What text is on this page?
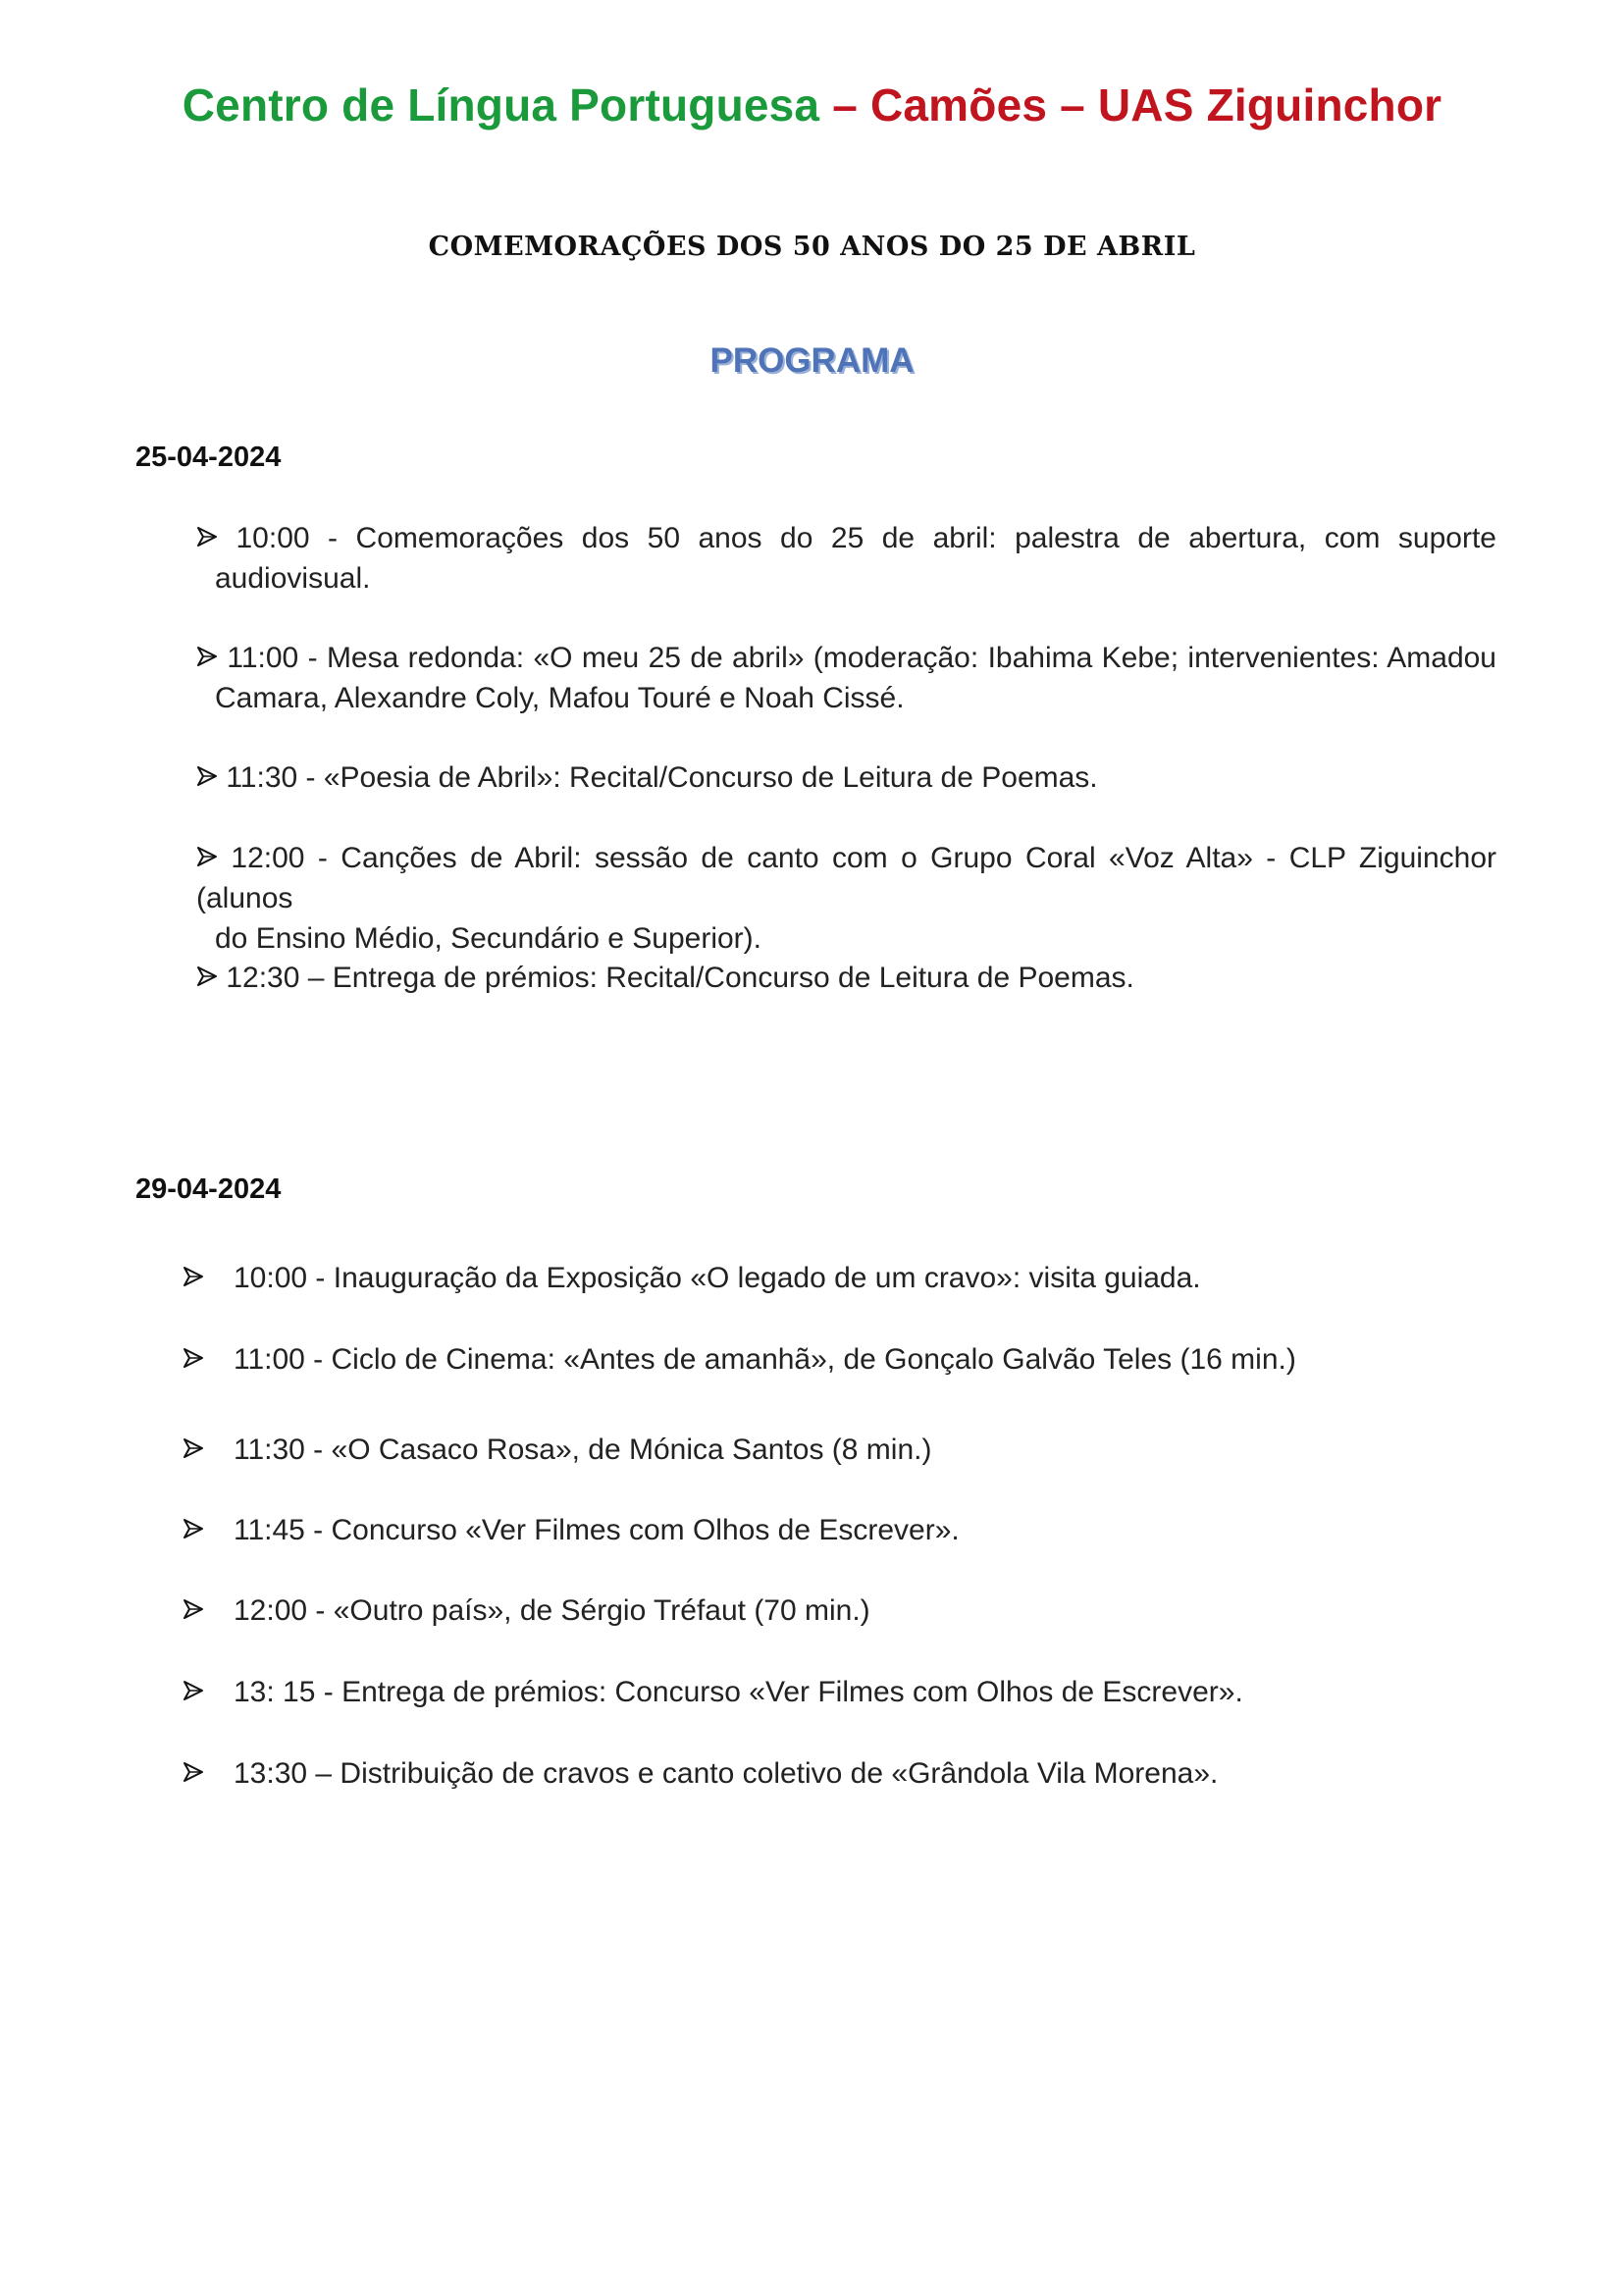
Centro de Língua Portuguesa – Camões – UAS Ziguinchor
COMEMORAÇÕES DOS 50 ANOS DO 25 DE ABRIL
PROGRAMA
25-04-2024
10:00 - Comemorações dos 50 anos do 25 de abril: palestra de abertura, com suporte
audiovisual.
11:00 - Mesa redonda: «O meu 25 de abril» (moderação: Ibahima Kebe; intervenientes: Amadou
Camara, Alexandre Coly, Mafou Touré e Noah Cissé.
11:30 - «Poesia de Abril»: Recital/Concurso de Leitura de Poemas.
12:00 - Canções de Abril: sessão de canto com o Grupo Coral «Voz Alta» - CLP Ziguinchor (alunos
do Ensino Médio, Secundário e Superior).
12:30 – Entrega de prémios: Recital/Concurso de Leitura de Poemas.
29-04-2024
10:00 - Inauguração da Exposição «O legado de um cravo»: visita guiada.
11:00 - Ciclo de Cinema: «Antes de amanhã», de Gonçalo Galvão Teles (16 min.)
11:30 - «O Casaco Rosa», de Mónica Santos (8 min.)
11:45 - Concurso «Ver Filmes com Olhos de Escrever».
12:00 - «Outro país», de Sérgio Tréfaut (70 min.)
13: 15 - Entrega de prémios: Concurso «Ver Filmes com Olhos de Escrever».
13:30 – Distribuição de cravos e canto coletivo de «Grândola Vila Morena».
